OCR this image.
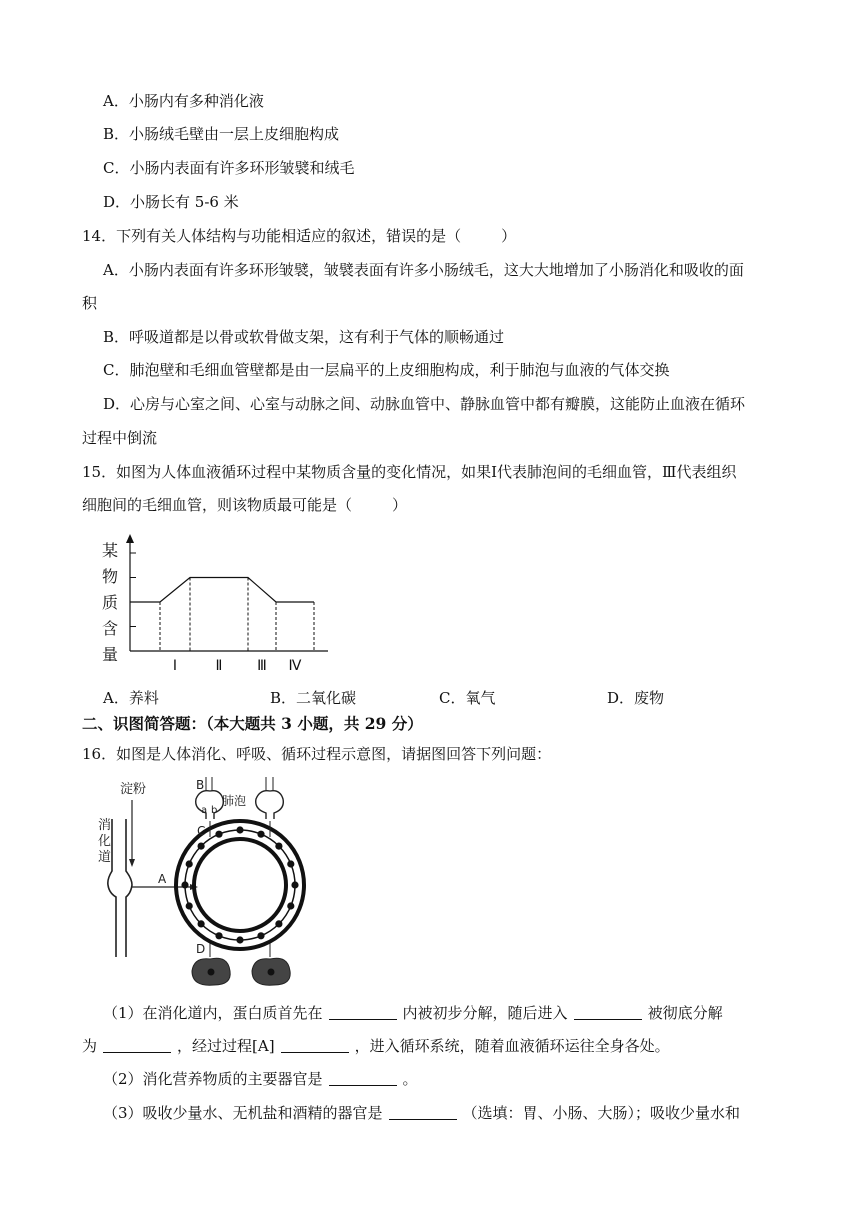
A．小肠内有多种消化液
B．小肠绒毛壁由一层上皮细胞构成
C．小肠内表面有许多环形皱襞和绒毛
D．小肠长有 5-6 米
14．下列有关人体结构与功能相适应的叙述，错误的是（	）
A．小肠内表面有许多环形皱襞，皱襞表面有许多小肠绒毛，这大大地增加了小肠消化和吸收的面
积
B．呼吸道都是以骨或软骨做支架，这有利于气体的顺畅通过
C．肺泡壁和毛细血管壁都是由一层扁平的上皮细胞构成，利于肺泡与血液的气体交换
D．心房与心室之间、心室与动脉之间、动脉血管中、静脉血管中都有瓣膜，这能防止血液在循环
过程中倒流
15．如图为人体血液循环过程中某物质含量的变化情况，如果Ⅰ代表肺泡间的毛细血管，Ⅲ代表组织
细胞间的毛细血管，则该物质最可能是（	）
某
物
质
含
量
Ⅰ	Ⅱ Ⅲ Ⅳ
A．养料	B．二氧化碳	C．氧气	D．废物
二、识图简答题：（本大题共 3 小题，共 29 分）
16．如图是人体消化、呼吸、循环过程示意图，请据图回答下列问题：
淀粉
消
化
道
A
B
肺泡
a b
C
D
（1）在消化道内，蛋白质首先在	内被初步分解，随后进入	被彻底分解
为	，经过过程[A]	，进入循环系统，随着血液循环运往全身各处。
（2）消化营养物质的主要器官是	。
（3）吸收少量水、无机盐和酒精的器官是	（选填：胃、小肠、大肠）；吸收少量水和
